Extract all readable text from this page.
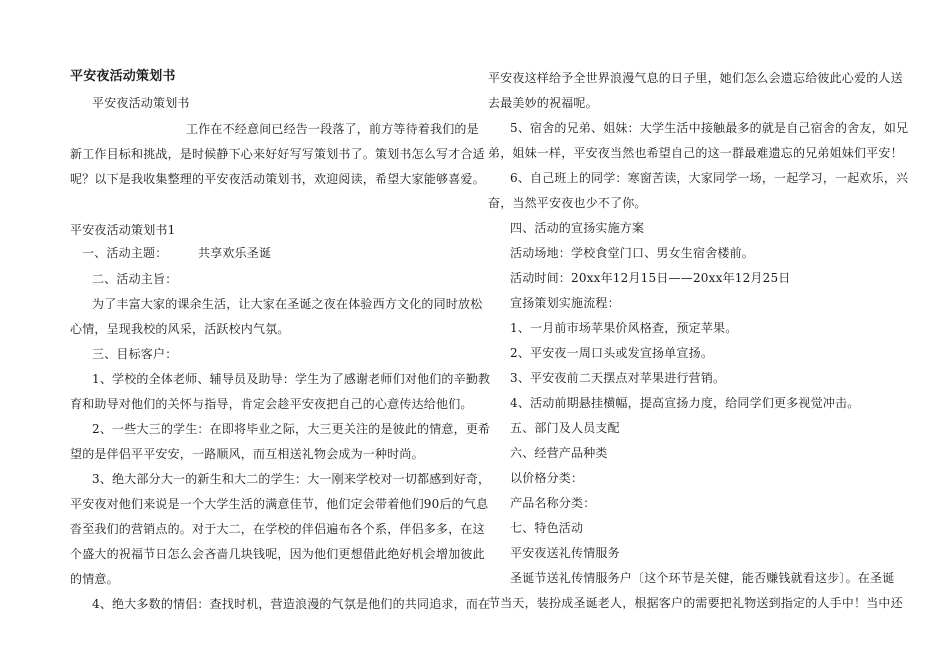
平安夜活动策划书
平安夜活动策划书
工作在不经意间已经告一段落了，前方等待着我们的是
新工作目标和挑战，是时候静下心来好好写写策划书了。策划书怎么写才合适
呢？以下是我收集整理的平安夜活动策划书，欢迎阅读，希望大家能够喜爱。
平安夜活动策划书1
一、活动主题：　　　共享欢乐圣诞
二、活动主旨：
为了丰富大家的课余生活，让大家在圣诞之夜在体验西方文化的同时放松
心情，呈现我校的风采，活跃校内气氛。
三、目标客户：
1、学校的全体老师、辅导员及助导：学生为了感谢老师们对他们的辛勤教
育和助导对他们的关怀与指导，肯定会趁平安夜把自己的心意传达给他们。
2、一些大三的学生：在即将毕业之际，大三更关注的是彼此的情意，更希
望的是伴侣平平安安，一路顺风，而互相送礼物会成为一种时尚。
3、绝大部分大一的新生和大二的学生：大一刚来学校对一切都感到好奇，
平安夜对他们来说是一个大学生活的满意佳节，他们定会带着他们90后的气息
沓至我们的营销点的。对于大二，在学校的伴侣遍布各个系，伴侣多多，在这
个盛大的祝福节日怎么会吝啬几块钱呢，因为他们更想借此绝好机会增加彼此
的情意。
4、绝大多数的情侣：查找时机，营造浪漫的气氛是他们的共同追求，而在
平安夜这样给予全世界浪漫气息的日子里，她们怎么会遗忘给彼此心爱的人送
去最美妙的祝福呢。
5、宿舍的兄弟、姐妹：大学生活中接触最多的就是自己宿舍的舍友，如兄
弟，姐妹一样，平安夜当然也希望自己的这一群最难遗忘的兄弟姐妹们平安！
6、自己班上的同学：寒窗苦读，大家同学一场，一起学习，一起欢乐，兴
奋，当然平安夜也少不了你。
四、活动的宣扬实施方案
活动场地：学校食堂门口、男女生宿舍楼前。
活动时间：20xx年12月15日——20xx年12月25日
宣扬策划实施流程：
1、一月前市场苹果价风格查，预定苹果。
2、平安夜一周口头或发宣扬单宣扬。
3、平安夜前二天摆点对苹果进行营销。
4、活动前期悬挂横幅，提高宣扬力度，给同学们更多视觉冲击。
五、部门及人员支配
六、经营产品种类
以价格分类：
产品名称分类：
七、特色活动
平安夜送礼传情服务
圣诞节送礼传情服务户〔这个环节是关健，能否赚钱就看这步〕。在圣诞
节当天，装扮成圣诞老人，根据客户的需要把礼物送到指定的人手中！当中还
